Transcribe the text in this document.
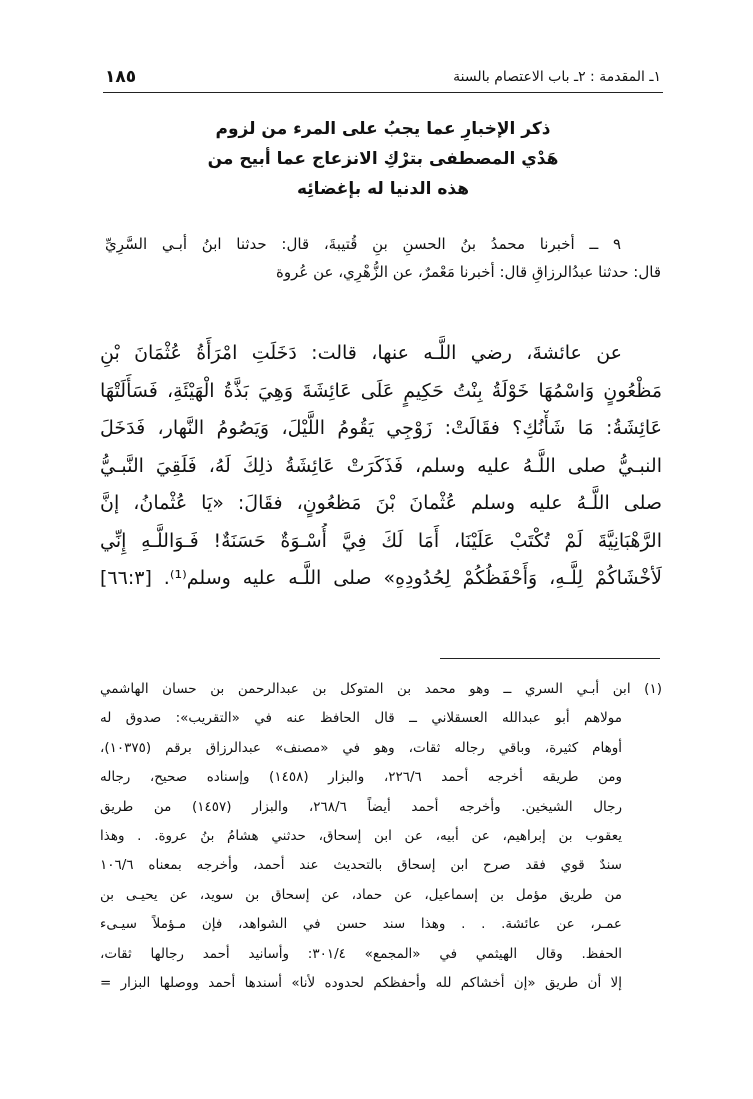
١ـ المقدمة : ٢ـ باب الاعتصام بالسنة
١٨٥
ذكر الإخبارِ عما يجبُ على المرء من لزوم
هَدْي المصطفى بترْكِ الانزعاج عما أبيح من
هذه الدنيا له بإغضائِه
٩ ــ أخبرنا محمدُ بنُ الحسنِ بنِ قُتيبةَ، قال: حدثنا ابنُ أبـي السَّرِيِّ
قال: حدثنا عبدُالرزاقِ قال: أخبرنا مَعْمرٌ، عن الزُّهْرِي، عن عُروة
عن عائشةَ، رضي اللَّـه عنها، قالت: دَخَلَتِ امْرَأَةُ عُثْمَانَ بْنِ
مَظْعُونٍ وَاسْمُهَا خَوْلَةُ بِنْتُ حَكِيمٍ عَلَى عَائِشَةَ وَهِيَ بَذَّةُ الْهَيْئَةِ، فَسَأَلَتْهَا
عَائِشَةُ: مَا شَأْنُكِ؟ فقَالَتْ: زَوْجِي يَقُومُ اللَّيْلَ، وَيَصُومُ النَّهار، فَدَخَلَ
النبـيُّ صلى اللَّـهُ عليه وسلم، فَذَكَرَتْ عَائِشَةُ ذلِكَ لَهُ، فَلَقِيَ النَّبـيُّ
صلى اللَّـهُ عليه وسلم عُثْمانَ بْنَ مَظعُونٍ، فقَالَ: «يَا عُثْمانُ، إنَّ
الرَّهْبَانِيَّةَ لَمْ تُكْتَبْ عَلَيْنَا، أَمَا لَكَ فِيَّ أُسْـوَةٌ حَسَنَةٌ! فَـوَاللَّـهِ إِنِّي
لَأخْشَاكُمْ لِلَّـهِ، وَأَحْفَظُكُمْ لِحُدُودِهِ» صلى اللَّـه عليه وسلم⁽¹⁾. [٦٦:٣]
(١) ابن أبـي السري ــ وهو محمد بن المتوكل بن عبدالرحمن بن حسان الهاشمي
مولاهم أبو عبدالله العسقلاني ــ قال الحافظ عنه في «التقريب»: صدوق له
أوهام كثيرة، وباقي رجاله ثقات، وهو في «مصنف» عبدالرزاق برقم (١٠٣٧٥)،
ومن طريقه أخرجه أحمد ٢٢٦/٦، والبزار (١٤٥٨) وإسناده صحيح، رجاله
رجال الشيخين. وأخرجه أحمد أيضاً ٢٦٨/٦، والبزار (١٤٥٧) من طريق
يعقوب بن إبراهيم، عن أبيه، عن ابن إسحاق، حدثني هشامُ بنُ عروة. . وهذا
سندٌ قوي فقد صرح ابن إسحاق بالتحديث عند أحمد، وأخرجه بمعناه ١٠٦/٦
من طريق مؤمل بن إسماعيل، عن حماد، عن إسحاق بن سويد، عن يحيـى بن
عمـر، عن عائشة. . . وهذا سند حسن في الشواهد، فإن مـؤملاً سيـىء
الحفظ. وقال الهيثمي في «المجمع» ٣٠١/٤: وأسانيد أحمد رجالها ثقات،
إلا أن طريق «إن أخشاكم لله وأحفظكم لحدوده لأنا» أسندها أحمد ووصلها البزار =
